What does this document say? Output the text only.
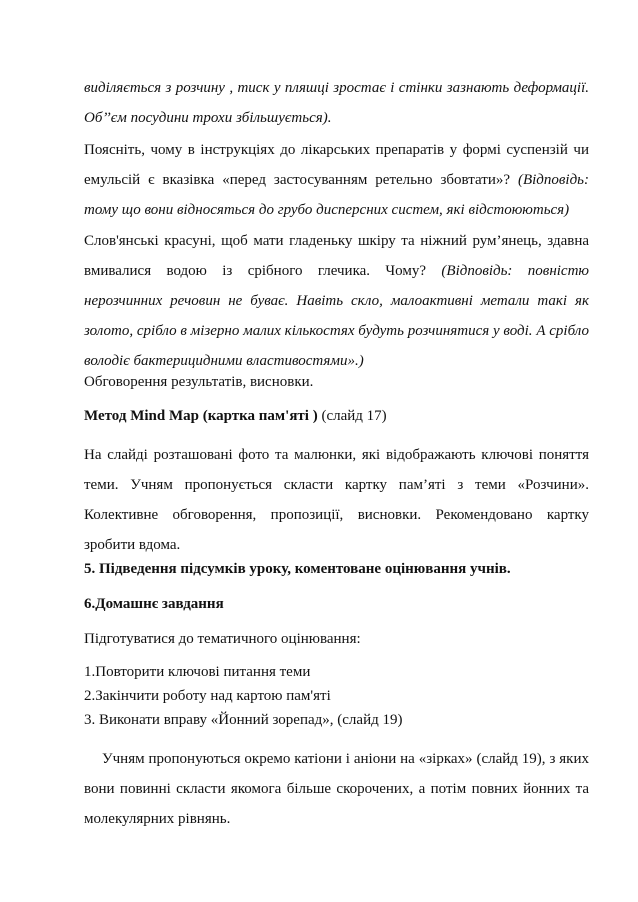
виділяється з розчину , тиск у пляшці зростає і стінки зазнають деформації. Об’’єм посудини трохи збільшується).

Поясніть, чому в інструкціях до лікарських препаратів у формі суспензій чи емульсій є вказівка «перед застосуванням ретельно збовтати»? (Відповідь: тому що вони відносяться до грубо дисперсних систем, які відстоюються)

Слов'янські красуні, щоб мати гладеньку шкіру та ніжний рум’янець, здавна вмивалися водою із срібного глечика. Чому? (Відповідь: повністю нерозчинних речовин не буває. Навіть скло, малоактивні метали такі як золото, срібло в мізерно малих кількостях будуть розчинятися у воді. А срібло володіє бактерицидними властивостями».)

Обговорення результатів, висновки.

Метод Mind Map (картка пам'яті ) (слайд 17)

На слайді розташовані фото та малюнки, які відображають ключові поняття теми. Учням пропонується скласти картку пам’яті з теми «Розчини». Колективне обговорення, пропозиції, висновки. Рекомендовано картку зробити вдома.

5. Підведення підсумків уроку, коментоване оцінювання учнів.

6.Домашнє завдання

Підготуватися до тематичного оцінювання:

1.Повторити ключові питання теми

2.Закінчити роботу над картою пам'яті

3. Виконати вправу «Йонний зорепад», (слайд 19)

Учням пропонуються окремо катіони і аніони на «зірках» (слайд 19), з яких вони повинні скласти якомога більше скорочених, а потім повних йонних та молекулярних рівнянь.
